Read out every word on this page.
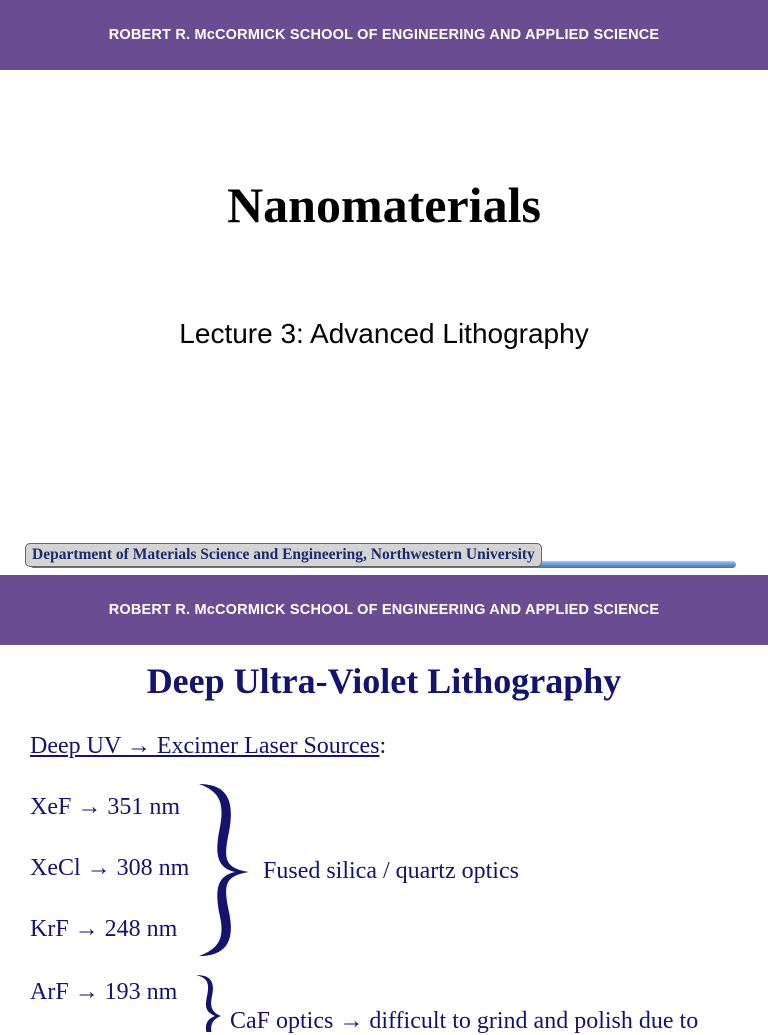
ROBERT R. McCORMICK SCHOOL OF ENGINEERING AND APPLIED SCIENCE
Nanomaterials
Lecture 3: Advanced Lithography
Department of Materials Science and Engineering, Northwestern University
ROBERT R. McCORMICK SCHOOL OF ENGINEERING AND APPLIED SCIENCE
Deep Ultra-Violet Lithography
Deep UV → Excimer Laser Sources:
XeF → 351 nm
XeCl → 308 nm
KrF → 248 nm
ArF → 193 nm
Fused silica / quartz optics
CaF optics → difficult to grind and polish due to
